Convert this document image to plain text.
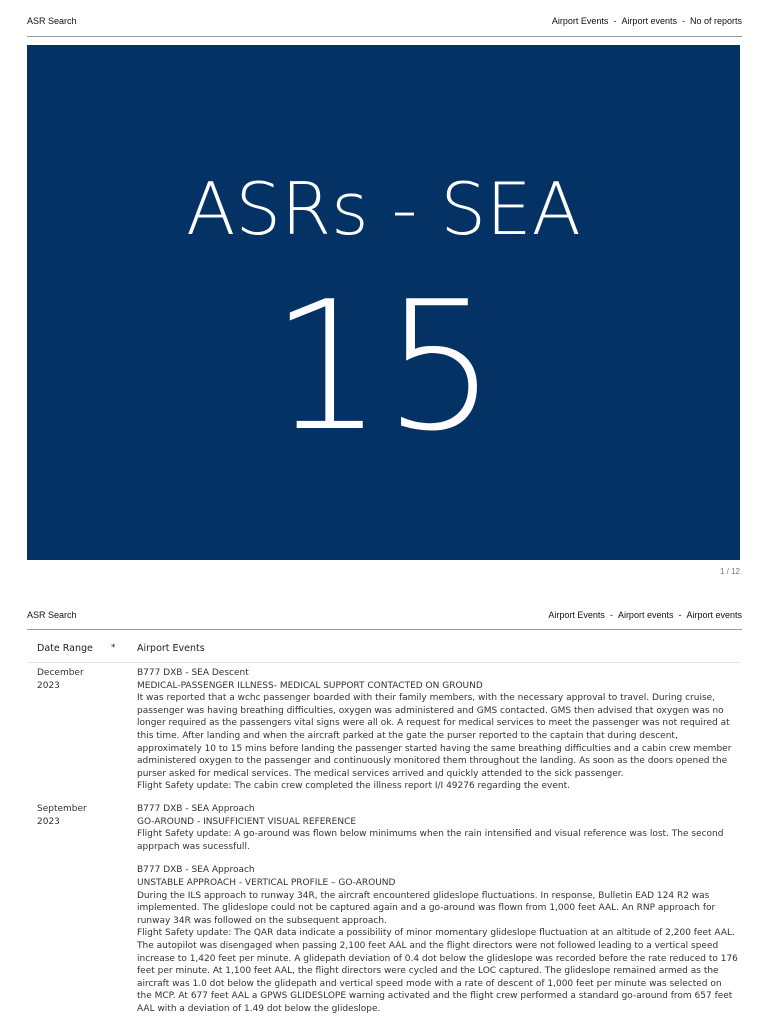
ASR Search	Airport Events - Airport events - No of reports
ASRs - SEA
15
1 / 12
ASR Search	Airport Events - Airport events - Airport events
Date Range * Airport Events
December 2023

B777 DXB - SEA Descent

MEDICAL-PASSENGER ILLNESS- MEDICAL SUPPORT CONTACTED ON GROUND

It was reported that a wchc passenger boarded with their family members, with the necessary approval to travel. During cruise, passenger was having breathing difficulties, oxygen was administered and GMS contacted. GMS then advised that oxygen was no longer required as the passengers vital signs were all ok. A request for medical services to meet the passenger was not required at this time. After landing and when the aircraft parked at the gate the purser reported to the captain that during descent, approximately 10 to 15 mins before landing the passenger started having the same breathing difficulties and a cabin crew member administered oxygen to the passenger and continuously monitored them throughout the landing. As soon as the doors opened the purser asked for medical services. The medical services arrived and quickly attended to the sick passenger.

Flight Safety update: The cabin crew completed the illness report I/I 49276 regarding the event.

September 2023

B777 DXB - SEA Approach

GO-AROUND - INSUFFICIENT VISUAL REFERENCE

Flight Safety update: A go-around was flown below minimums when the rain intensified and visual reference was lost. The second apprpach was sucessfull.

B777 DXB - SEA Approach

UNSTABLE APPROACH - VERTICAL PROFILE – GO-AROUND

During the ILS approach to runway 34R, the aircraft encountered glideslope fluctuations. In response, Bulletin EAD 124 R2 was implemented. The glideslope could not be captured again and a go-around was flown from 1,000 feet AAL. An RNP approach for runway 34R was followed on the subsequent approach.

Flight Safety update: The QAR data indicate a possibility of minor momentary glideslope fluctuation at an altitude of 2,200 feet AAL. The autopilot was disengaged when passing 2,100 feet AAL and the flight directors were not followed leading to a vertical speed increase to 1,420 feet per minute. A glidepath deviation of 0.4 dot below the glideslope was recorded before the rate reduced to 176 feet per minute. At 1,100 feet AAL, the flight directors were cycled and the LOC captured. The glideslope remained armed as the aircraft was 1.0 dot below the glidepath and vertical speed mode with a rate of descent of 1,000 feet per minute was selected on the MCP. At 677 feet AAL a GPWS GLIDESLOPE warning activated and the flight crew performed a standard go-around from 657 feet AAL with a deviation of 1.49 dot below the glideslope.
